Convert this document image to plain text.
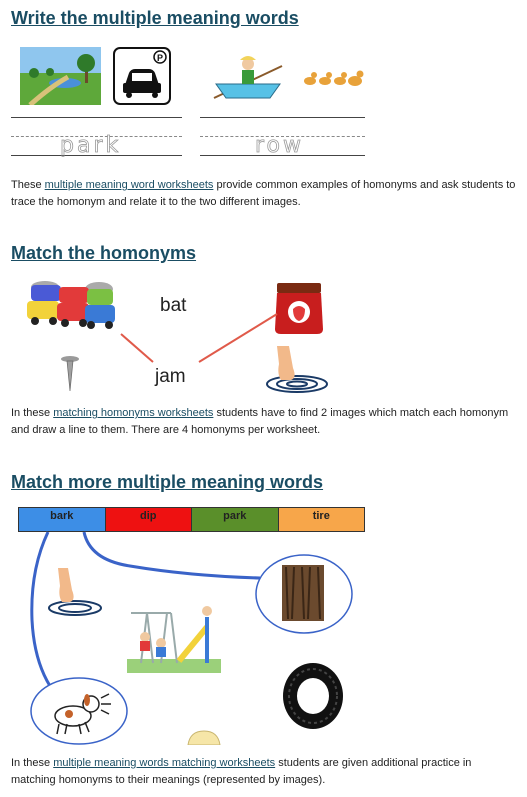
Write the multiple meaning words
P
park	row

These multiple meaning word worksheets provide common examples of homonyms and ask students to trace the homonym and relate it to the two different images.

Match the homonyms
bat
jam

In these matching homonyms worksheets students have to find 2 images which match each homonym and draw a line to them. There are 4 homonyms per worksheet.

Match more multiple meaning words
bark	dip	park	tire

In these multiple meaning words matching worksheets students are given additional practice in matching homonyms to their meanings (represented by images).
